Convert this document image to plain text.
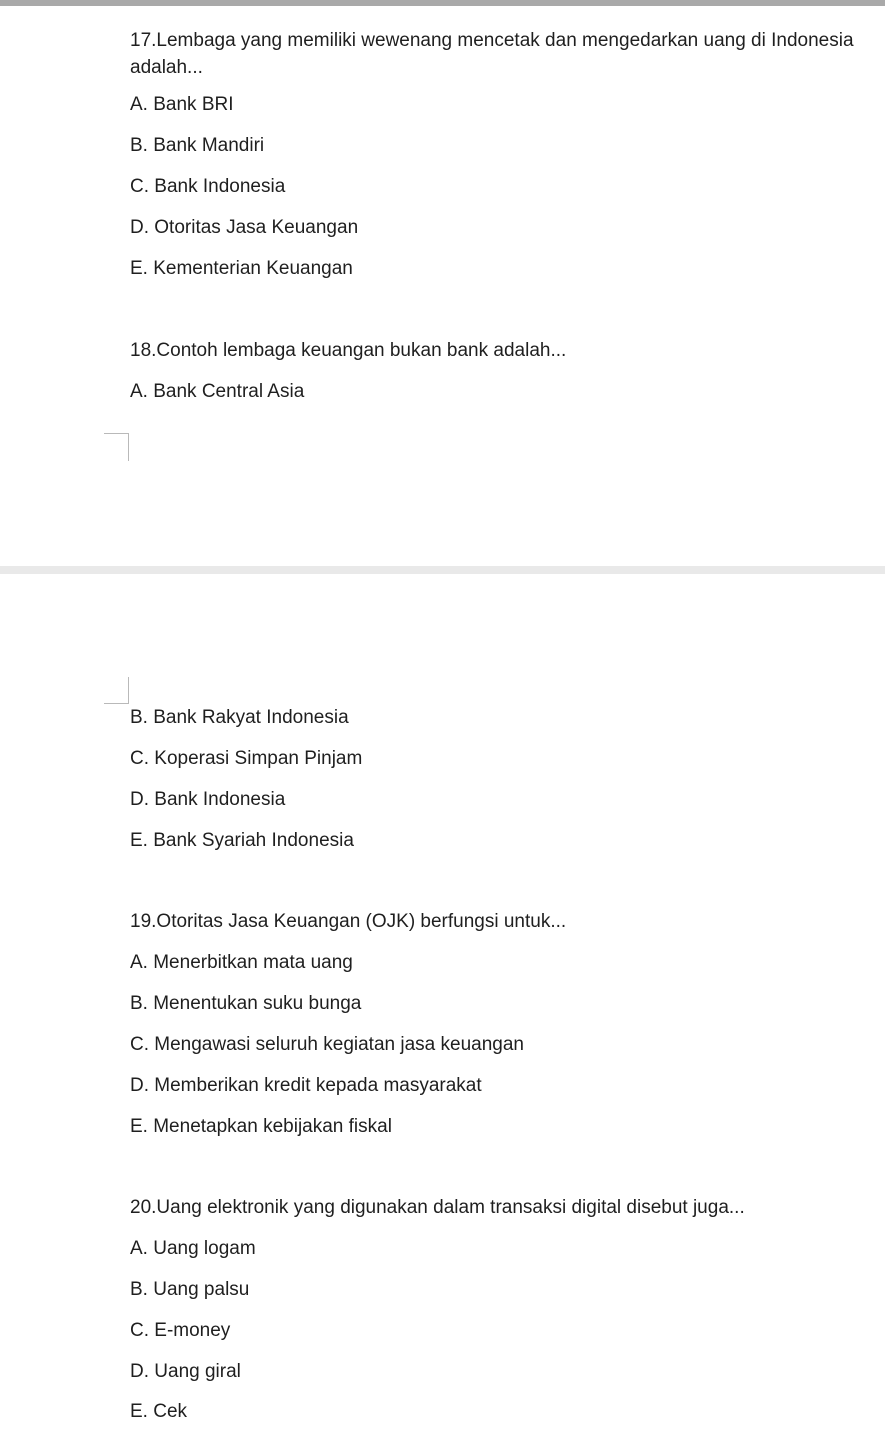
17.Lembaga yang memiliki wewenang mencetak dan mengedarkan uang di Indonesia
adalah...
A. Bank BRI
B. Bank Mandiri
C. Bank Indonesia
D. Otoritas Jasa Keuangan
E. Kementerian Keuangan
18.Contoh lembaga keuangan bukan bank adalah...
A. Bank Central Asia
B. Bank Rakyat Indonesia
C. Koperasi Simpan Pinjam
D. Bank Indonesia
E. Bank Syariah Indonesia
19.Otoritas Jasa Keuangan (OJK) berfungsi untuk...
A. Menerbitkan mata uang
B. Menentukan suku bunga
C. Mengawasi seluruh kegiatan jasa keuangan
D. Memberikan kredit kepada masyarakat
E. Menetapkan kebijakan fiskal
20.Uang elektronik yang digunakan dalam transaksi digital disebut juga...
A. Uang logam
B. Uang palsu
C. E-money
D. Uang giral
E. Cek
